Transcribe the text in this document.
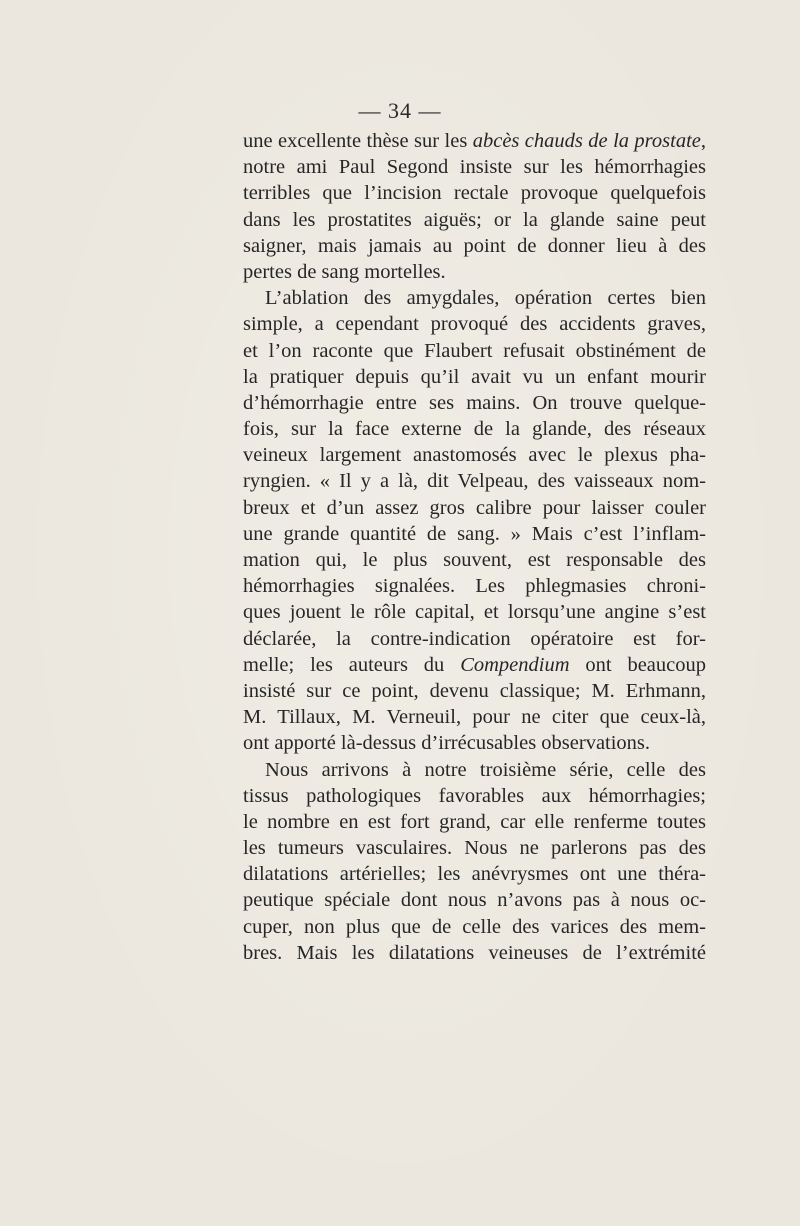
— 34 —
une excellente thèse sur les abcès chauds de la prostate,
notre ami Paul Segond insiste sur les hémorrhagies
terribles que l’incision rectale provoque quelquefois
dans les prostatites aiguës; or la glande saine peut
saigner, mais jamais au point de donner lieu à des
pertes de sang mortelles.
L’ablation des amygdales, opération certes bien
simple, a cependant provoqué des accidents graves,
et l’on raconte que Flaubert refusait obstinément de
la pratiquer depuis qu’il avait vu un enfant mourir
d’hémorrhagie entre ses mains. On trouve quelque-
fois, sur la face externe de la glande, des réseaux
veineux largement anastomosés avec le plexus pha-
ryngien. « Il y a là, dit Velpeau, des vaisseaux nom-
breux et d’un assez gros calibre pour laisser couler
une grande quantité de sang. » Mais c’est l’inflam-
mation qui, le plus souvent, est responsable des
hémorrhagies signalées. Les phlegmasies chroni-
ques jouent le rôle capital, et lorsqu’une angine s’est
déclarée, la contre-indication opératoire est for-
melle; les auteurs du Compendium ont beaucoup
insisté sur ce point, devenu classique; M. Erhmann,
M. Tillaux, M. Verneuil, pour ne citer que ceux-là,
ont apporté là-dessus d’irrécusables observations.
Nous arrivons à notre troisième série, celle des
tissus pathologiques favorables aux hémorrhagies;
le nombre en est fort grand, car elle renferme toutes
les tumeurs vasculaires. Nous ne parlerons pas des
dilatations artérielles; les anévrysmes ont une théra-
peutique spéciale dont nous n’avons pas à nous oc-
cuper, non plus que de celle des varices des mem-
bres. Mais les dilatations veineuses de l’extrémité
